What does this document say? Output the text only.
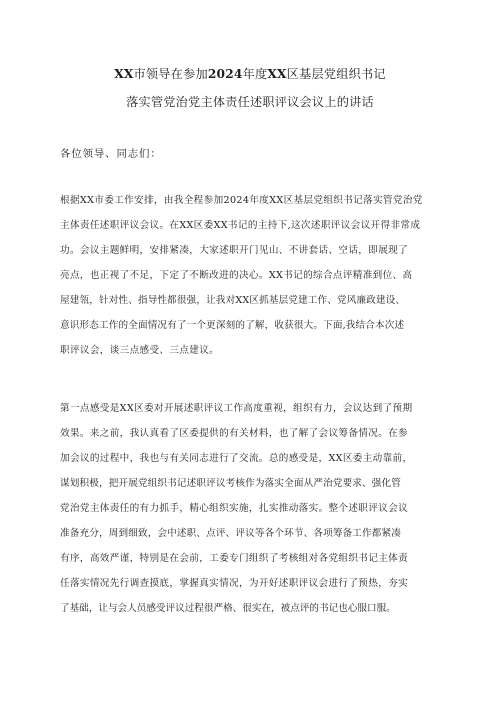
XX市领导在参加2024年度XX区基层党组织书记
落实管党治党主体责任述职评议会议上的讲话
各位领导、同志们：
根据XX市委工作安排，由我全程参加2024年度XX区基层党组织书记落实管党治党
主体责任述职评议会议。在XX区委XX书记的主持下,这次述职评议会议开得非常成
功。会议主题鲜明，安排紧凑，大家述职开门见山、不讲套话、空话，即展现了
亮点，也正视了不足，下定了不断改进的决心。XX书记的综合点评精准到位、高
屋建瓴，针对性、指导性都很强，让我对XX区抓基层党建工作、党风廉政建设、
意识形态工作的全面情况有了一个更深刻的了解，收获很大。下面,我结合本次述
职评议会，谈三点感受、三点建议。
第一点感受是XX区委对开展述职评议工作高度重视，组织有力，会议达到了预期
效果。来之前，我认真看了区委提供的有关材料，也了解了会议筹备情况。在参
加会议的过程中，我也与有关同志进行了交流。总的感受是，XX区委主动靠前，
谋划积极，把开展党组织书记述职评议考核作为落实全面从严治党要求、强化管
党治党主体责任的有力抓手，精心组织实施，扎实推动落实。整个述职评议会议
准备充分，周到细致，会中述职、点评、评议等各个环节、各项筹备工作都紧凑
有序，高效严谨，特别是在会前，工委专门组织了考核组对各党组织书记主体责
任落实情况先行调查摸底，掌握真实情况，为开好述职评议会进行了预热，夯实
了基础，让与会人员感受评议过程很严格、很实在，被点评的书记也心服口服。
